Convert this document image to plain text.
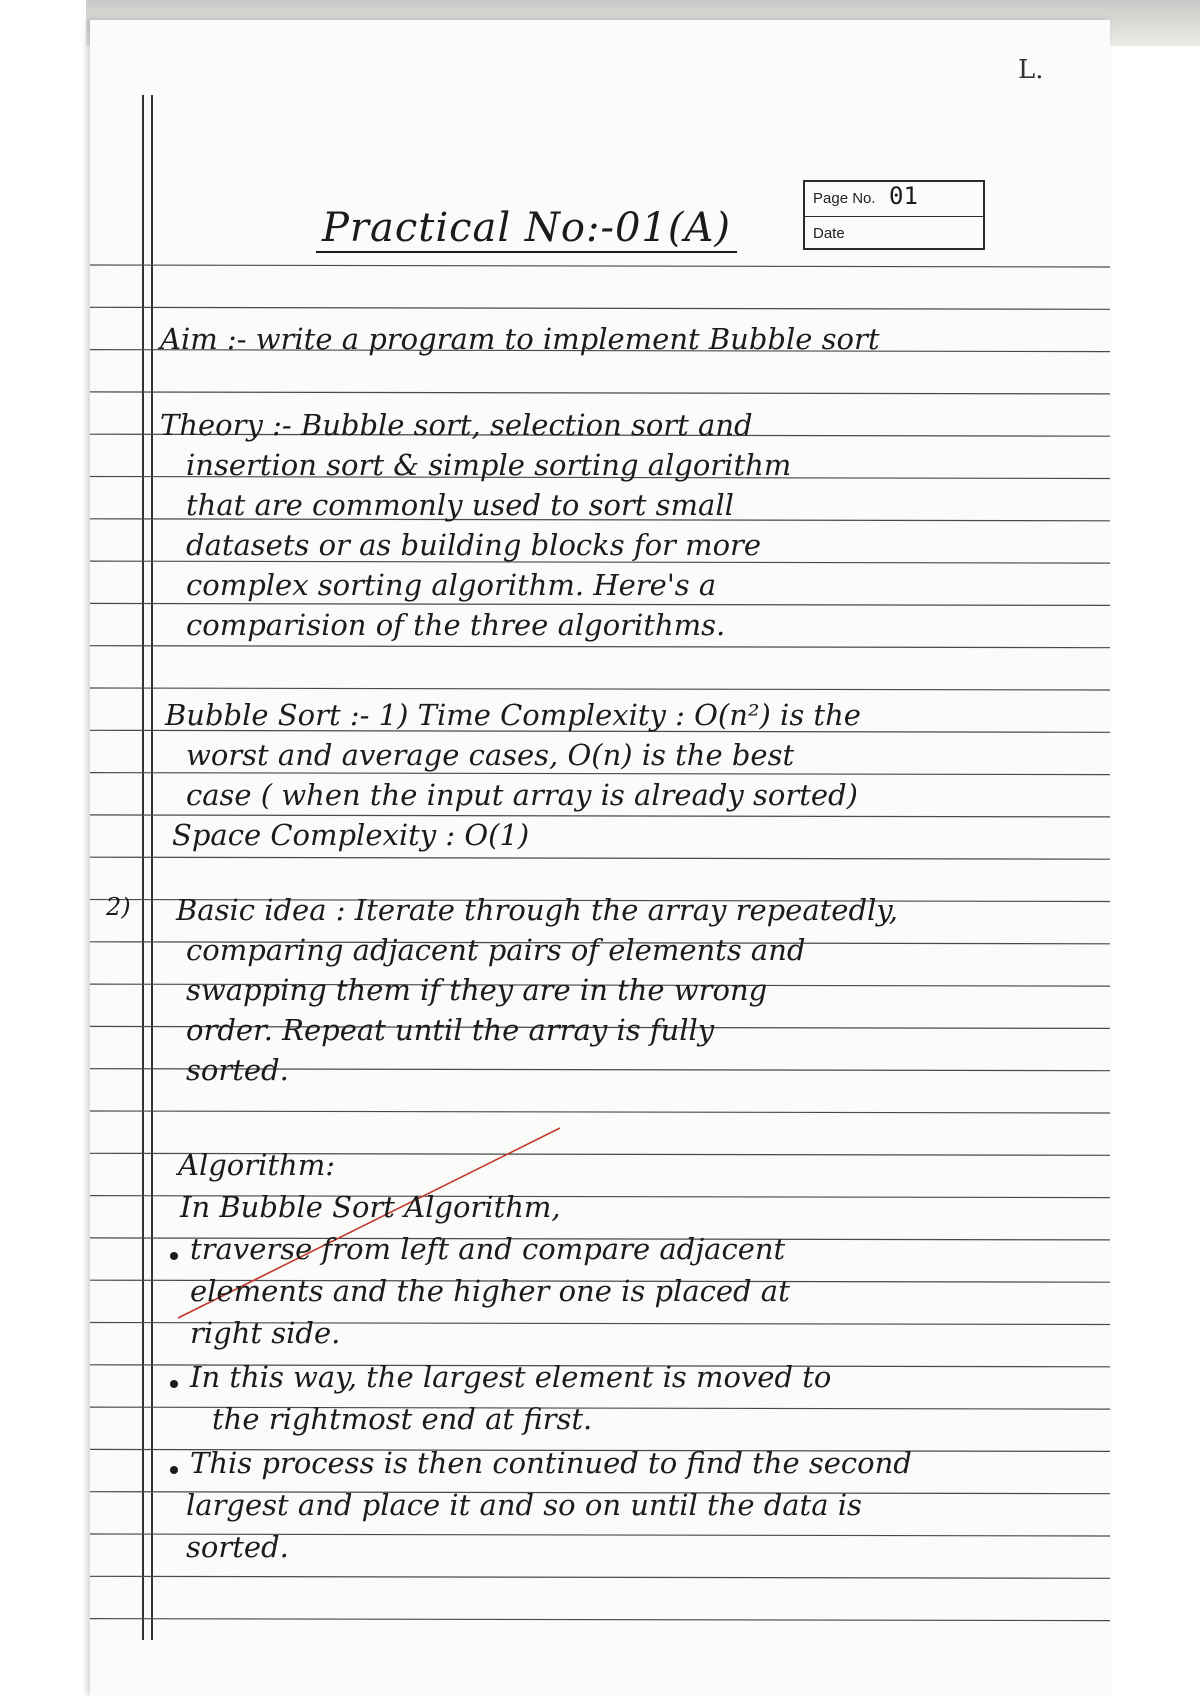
L.
Page No. 01
Date
Practical No:-01(A)
Aim :- write a program to implement Bubble sort
Theory :- Bubble sort, selection sort and
insertion sort & simple sorting algorithm
that are commonly used to sort small
datasets or as building blocks for more
complex sorting algorithm. Here's a
comparision of the three algorithms.
Bubble Sort :- 1) Time Complexity : O(n²) is the
worst and average cases, O(n) is the best
case ( when the input array is already sorted)
Space Complexity : O(1)
2) Basic idea : Iterate through the array repeatedly,
comparing adjacent pairs of elements and
swapping them if they are in the wrong
order. Repeat until the array is fully
sorted.
Algorithm:
In Bubble Sort Algorithm,
traverse from left and compare adjacent
elements and the higher one is placed at
right side.
In this way, the largest element is moved to
the rightmost end at first.
This process is then continued to find the second
largest and place it and so on until the data is
sorted.
